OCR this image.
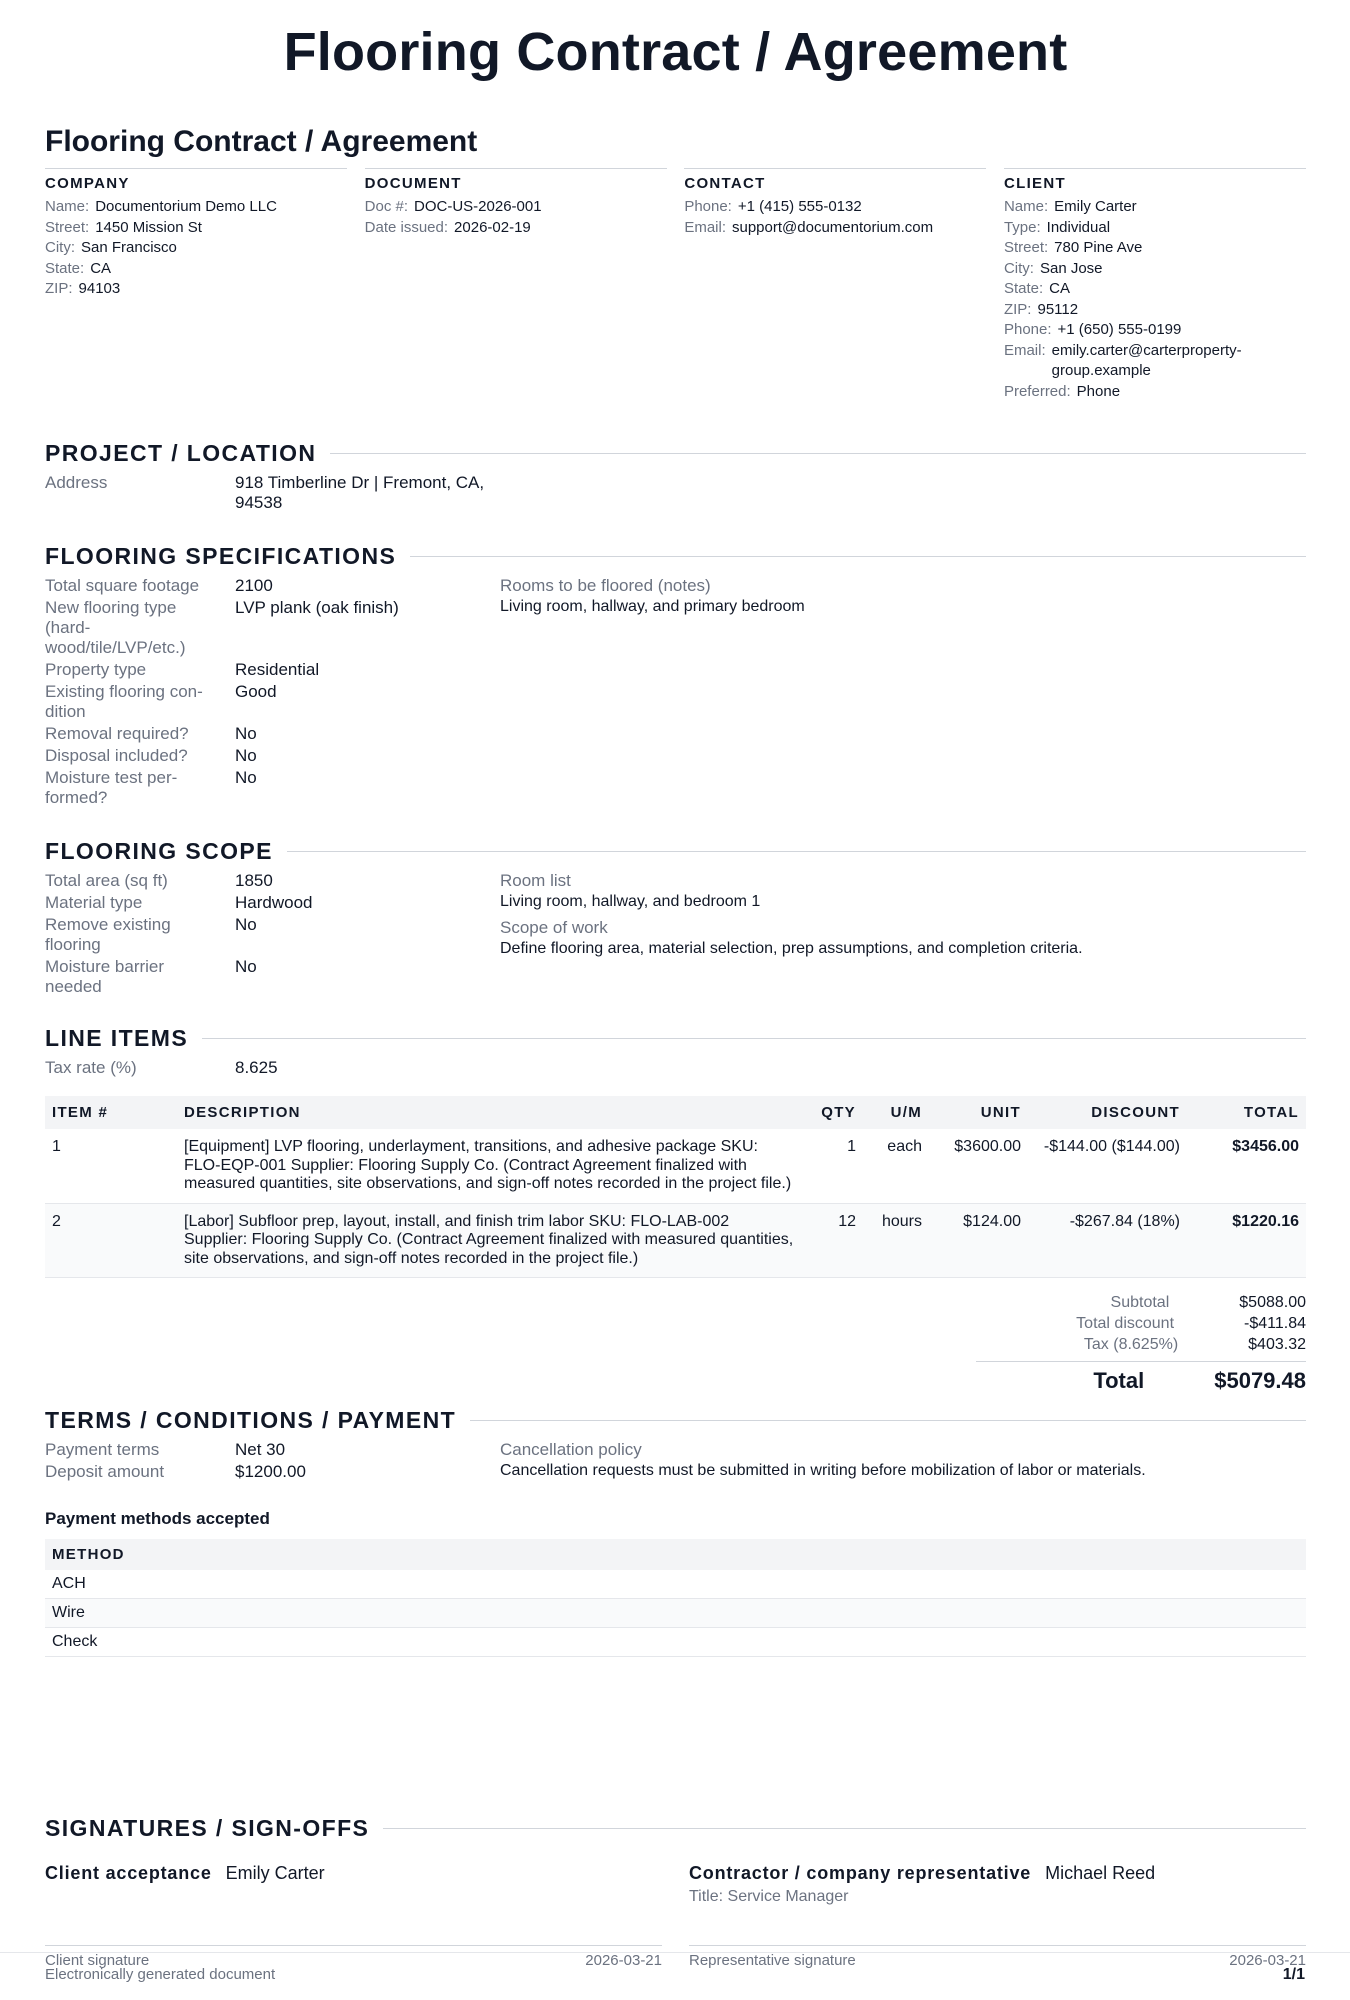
Flooring Contract / Agreement
Flooring Contract / Agreement
COMPANY
Name: Documentorium Demo LLC
Street: 1450 Mission St
City: San Francisco
State: CA
ZIP: 94103
DOCUMENT
Doc #: DOC-US-2026-001
Date issued: 2026-02-19
CONTACT
Phone: +1 (415) 555-0132
Email: support@documentorium.com
CLIENT
Name: Emily Carter
Type: Individual
Street: 780 Pine Ave
City: San Jose
State: CA
ZIP: 95112
Phone: +1 (650) 555-0199
Email: emily.carter@carterproperty-group.example
Preferred: Phone
PROJECT / LOCATION
Address	918 Timberline Dr | Fremont, CA, 94538
FLOORING SPECIFICATIONS
Total square footage	2100
New flooring type (hard-wood/tile/LVP/etc.)
LVP plank (oak finish)
Property type	Residential
Existing flooring con-dition
Good
Removal required?	No
Disposal included?	No
Moisture test per-formed?
No
Rooms to be floored (notes)
Living room, hallway, and primary bedroom
FLOORING SCOPE
Total area (sq ft)	1850
Material type	Hardwood
Remove existing flooring
No
Moisture barrier needed
No
Room list
Living room, hallway, and bedroom 1
Scope of work
Define flooring area, material selection, prep assumptions, and completion criteria.
LINE ITEMS
Tax rate (%)	8.625
ITEM #	DESCRIPTION	QTY	U/M	UNIT	DISCOUNT	TOTAL
1	[Equipment] LVP flooring, underlayment, transitions, and adhesive package SKU: FLO-EQP-001 Supplier: Flooring Supply Co. (Contract Agreement finalized with measured quantities, site observations, and sign-off notes recorded in the project file.)	1	each	$3600.00	-$144.00 ($144.00)	$3456.00
2	[Labor] Subfloor prep, layout, install, and finish trim labor SKU: FLO-LAB-002 Supplier: Flooring Supply Co. (Contract Agreement finalized with measured quantities, site observations, and sign-off notes recorded in the project file.)	12	hours	$124.00	-$267.84 (18%)	$1220.16
Subtotal	$5088.00
Total discount	-$411.84
Tax (8.625%)	$403.32
Total	$5079.48
TERMS / CONDITIONS / PAYMENT
Payment terms	Net 30
Deposit amount	$1200.00
Cancellation policy
Cancellation requests must be submitted in writing before mobilization of labor or materials.
Payment methods accepted
METHOD
ACH
Wire
Check
SIGNATURES / SIGN-OFFS
Client acceptance Emily Carter
Client signature	2026-03-21
Contractor / company representative Michael Reed
Title: Service Manager
Representative signature	2026-03-21
Electronically generated document	1/1
